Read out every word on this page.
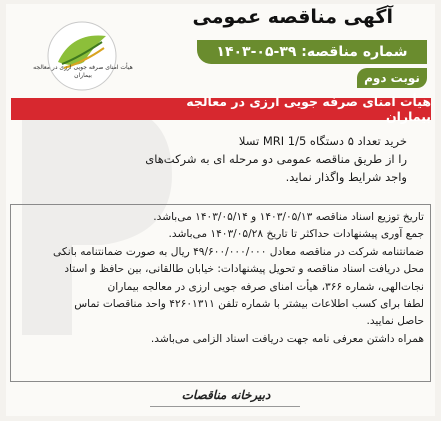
هیأت امنای صرفه جویی ارزی در معالجه بیماران
آگهی مناقصه عمومی
شماره مناقصه: ۳۹-۰۵-۱۴۰۳
نوبت دوم
هیأت امنای صرفه جویی ارزی در معالجه بیماران
خرید تعداد ۵ دستگاه MRI 1/5 تسلا
را از طریق مناقصه عمومی دو مرحله ای به شرکت‌های
واجد شرایط واگذار نماید.

تاریخ توزیع اسناد مناقصه ۱۴۰۳/۰۵/۱۳ و ۱۴۰۳/۰۵/۱۴ می‌باشد.

جمع آوری پیشنهادات حداکثر تا تاریخ ۱۴۰۳/۰۵/۲۸ می‌باشد.

ضمانتنامه شرکت در مناقصه معادل ۴۹/۶۰۰/۰۰۰/۰۰۰ ریال به صورت ضمانتنامه بانکی

محل دریافت اسناد مناقصه و تحویل پیشنهادات: خیابان طالقانی، بین حافظ و استاد

نجات‌الهی، شماره ۳۶۶، هیأت امنای صرفه جویی ارزی در معالجه بیماران

لطفا برای کسب اطلاعات بیشتر با شماره تلفن ۴۲۶۰۱۳۱۱ واحد مناقصات تماس

حاصل نمایید.

همراه داشتن معرفی نامه جهت دریافت اسناد الزامی می‌باشد.

دبیرخانه مناقصات
